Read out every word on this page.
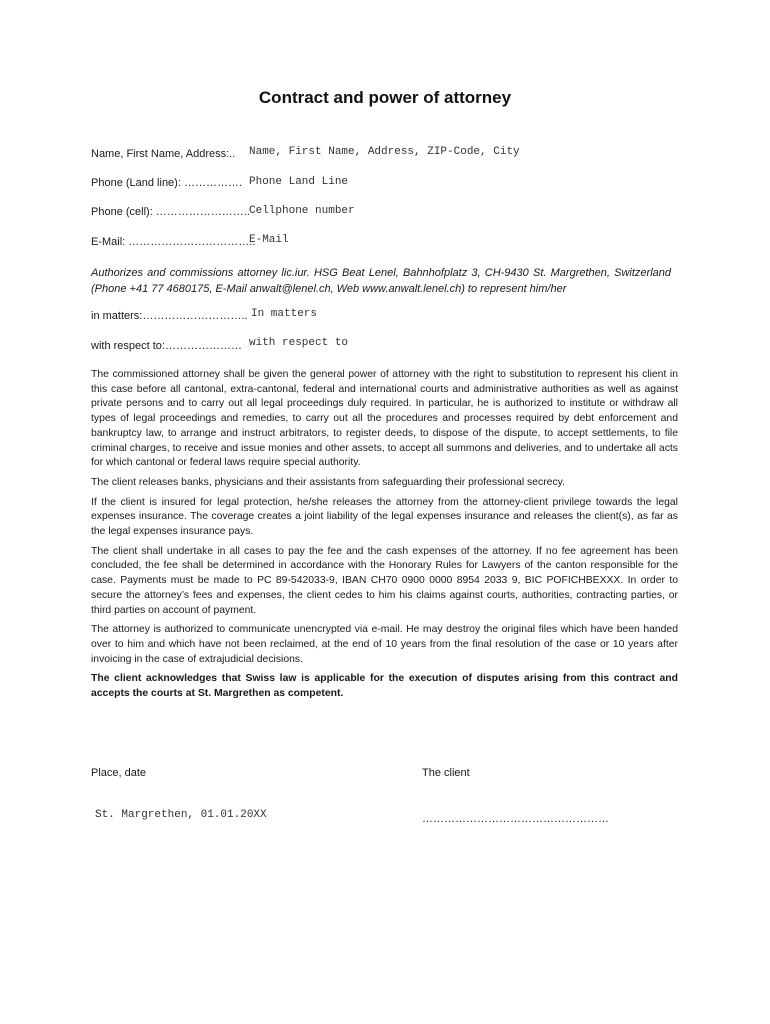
Contract and power of attorney
Name, First Name, Address:.. Name, First Name, Address, ZIP-Code, City
Phone (Land line): ……………. Phone Land Line
Phone (cell): …………………….. Cellphone number
E-Mail: ……………………………..
E-Mail
Authorizes and commissions attorney lic.iur. HSG Beat Lenel, Bahnhofplatz 3, CH-9430 St. Margrethen, Switzerland (Phone +41 77 4680175, E-Mail anwalt@lenel.ch, Web www.anwalt.lenel.ch) to represent him/her
in matters:……………………….. In matters
with respect to:………………… with respect to

The commissioned attorney shall be given the general power of attorney with the right to substitution to represent his client in this case before all cantonal, extra-cantonal, federal and international courts and administrative authorities as well as against private persons and to carry out all legal proceedings duly required. In particular, he is authorized to institute or withdraw all types of legal proceedings and remedies, to carry out all the procedures and processes required by debt enforcement and bankruptcy law, to arrange and instruct arbitrators, to register deeds, to dispose of the dispute, to accept settlements, to file criminal charges, to receive and issue monies and other assets, to accept all summons and deliveries, and to undertake all acts for which cantonal or federal laws require special authority.

The client releases banks, physicians and their assistants from safeguarding their professional secrecy.

If the client is insured for legal protection, he/she releases the attorney from the attorney-client privilege towards the legal expenses insurance. The coverage creates a joint liability of the legal expenses insurance and releases the client(s), as far as the legal expenses insurance pays.

The client shall undertake in all cases to pay the fee and the cash expenses of the attorney. If no fee agreement has been concluded, the fee shall be determined in accordance with the Honorary Rules for Lawyers of the canton responsible for the case. Payments must be made to PC 89-542033-9, IBAN CH70 0900 0000 8954 2033 9, BIC POFICHBEXXX. In order to secure the attorney’s fees and expenses, the client cedes to him his claims against courts, authorities, contracting parties, or third parties on account of payment.

The attorney is authorized to communicate unencrypted via e-mail. He may destroy the original files which have been handed over to him and which have not been reclaimed, at the end of 10 years from the final resolution of the case or 10 years after invoicing in the case of extrajudicial decisions.

The client acknowledges that Swiss law is applicable for the execution of disputes arising from this contract and accepts the courts at St. Margrethen as competent.

Place, date	The client
St. Margrethen, 01.01.20XX	……………………………………………
